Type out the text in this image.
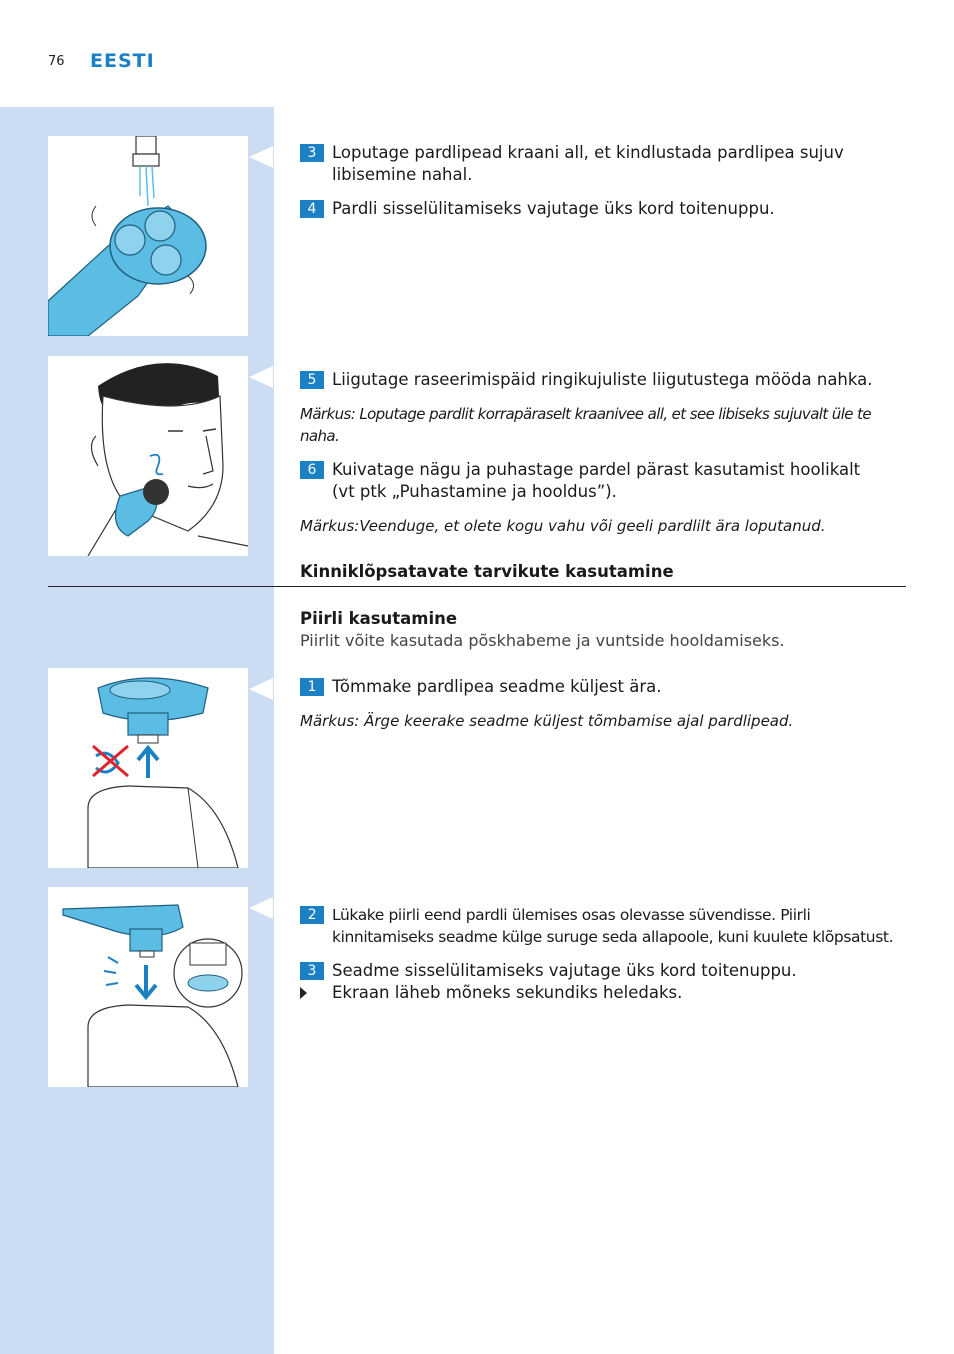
76 EESTI

3 Loputage pardlipead kraani all, et kindlustada pardlipea sujuv libisemine nahal.

4 Pardli sisselülitamiseks vajutage üks kord toitenuppu.

5 Liigutage raseerimispäid ringikujuliste liigutustega mööda nahka.

Märkus: Loputage pardlit korrapäraselt kraanivee all, et see libiseks sujuvalt üle te naha.

6 Kuivatage nägu ja puhastage pardel pärast kasutamist hoolikalt
(vt ptk „Puhastamine ja hooldus”).

Märkus:Veenduge, et olete kogu vahu või geeli pardlilt ära loputanud.

Kinniklõpsatavate tarvikute kasutamine

Piirli kasutamine

Piirlit võite kasutada põskhabeme ja vuntside hooldamiseks.

1 Tõmmake pardlipea seadme küljest ära.

Märkus: Ärge keerake seadme küljest tõmbamise ajal pardlipead.

2	Lükake piirli eend pardli ülemises osas olevasse süvendisse. Piirli
kinnitamiseks seadme külge suruge seda allapoole, kuni kuulete klõpsatust.

3 Seadme sisselülitamiseks vajutage üks kord toitenuppu.

Ekraan läheb mõneks sekundiks heledaks.
